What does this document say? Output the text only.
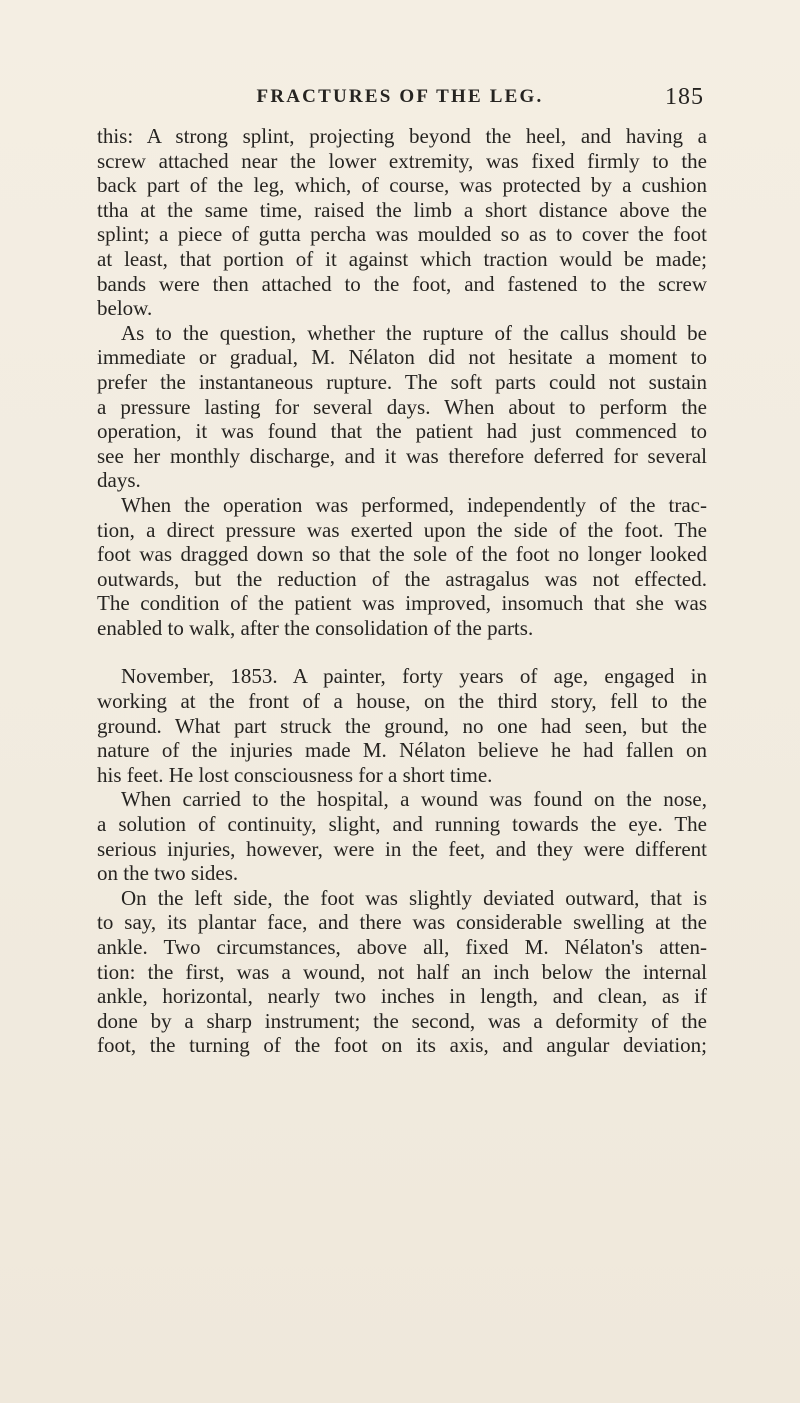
FRACTURES OF THE LEG.	185
this: A strong splint, projecting beyond the heel, and having a
screw attached near the lower extremity, was fixed firmly to the
back part of the leg, which, of course, was protected by a cushion
ttha at the same time, raised the limb a short distance above the
splint; a piece of gutta percha was moulded so as to cover the foot
at least, that portion of it against which traction would be made;
bands were then attached to the foot, and fastened to the screw
below.
As to the question, whether the rupture of the callus should be
immediate or gradual, M. Nélaton did not hesitate a moment to
prefer the instantaneous rupture. The soft parts could not sustain
a pressure lasting for several days. When about to perform the
operation, it was found that the patient had just commenced to
see her monthly discharge, and it was therefore deferred for several
days.
When the operation was performed, independently of the trac-
tion, a direct pressure was exerted upon the side of the foot. The
foot was dragged down so that the sole of the foot no longer looked
outwards, but the reduction of the astragalus was not effected.
The condition of the patient was improved, insomuch that she was
enabled to walk, after the consolidation of the parts.
November, 1853. A painter, forty years of age, engaged in
working at the front of a house, on the third story, fell to the
ground. What part struck the ground, no one had seen, but the
nature of the injuries made M. Nélaton believe he had fallen on
his feet. He lost consciousness for a short time.
When carried to the hospital, a wound was found on the nose,
a solution of continuity, slight, and running towards the eye. The
serious injuries, however, were in the feet, and they were different
on the two sides.
On the left side, the foot was slightly deviated outward, that is
to say, its plantar face, and there was considerable swelling at the
ankle. Two circumstances, above all, fixed M. Nélaton's atten-
tion: the first, was a wound, not half an inch below the internal
ankle, horizontal, nearly two inches in length, and clean, as if
done by a sharp instrument; the second, was a deformity of the
foot, the turning of the foot on its axis, and angular deviation;
